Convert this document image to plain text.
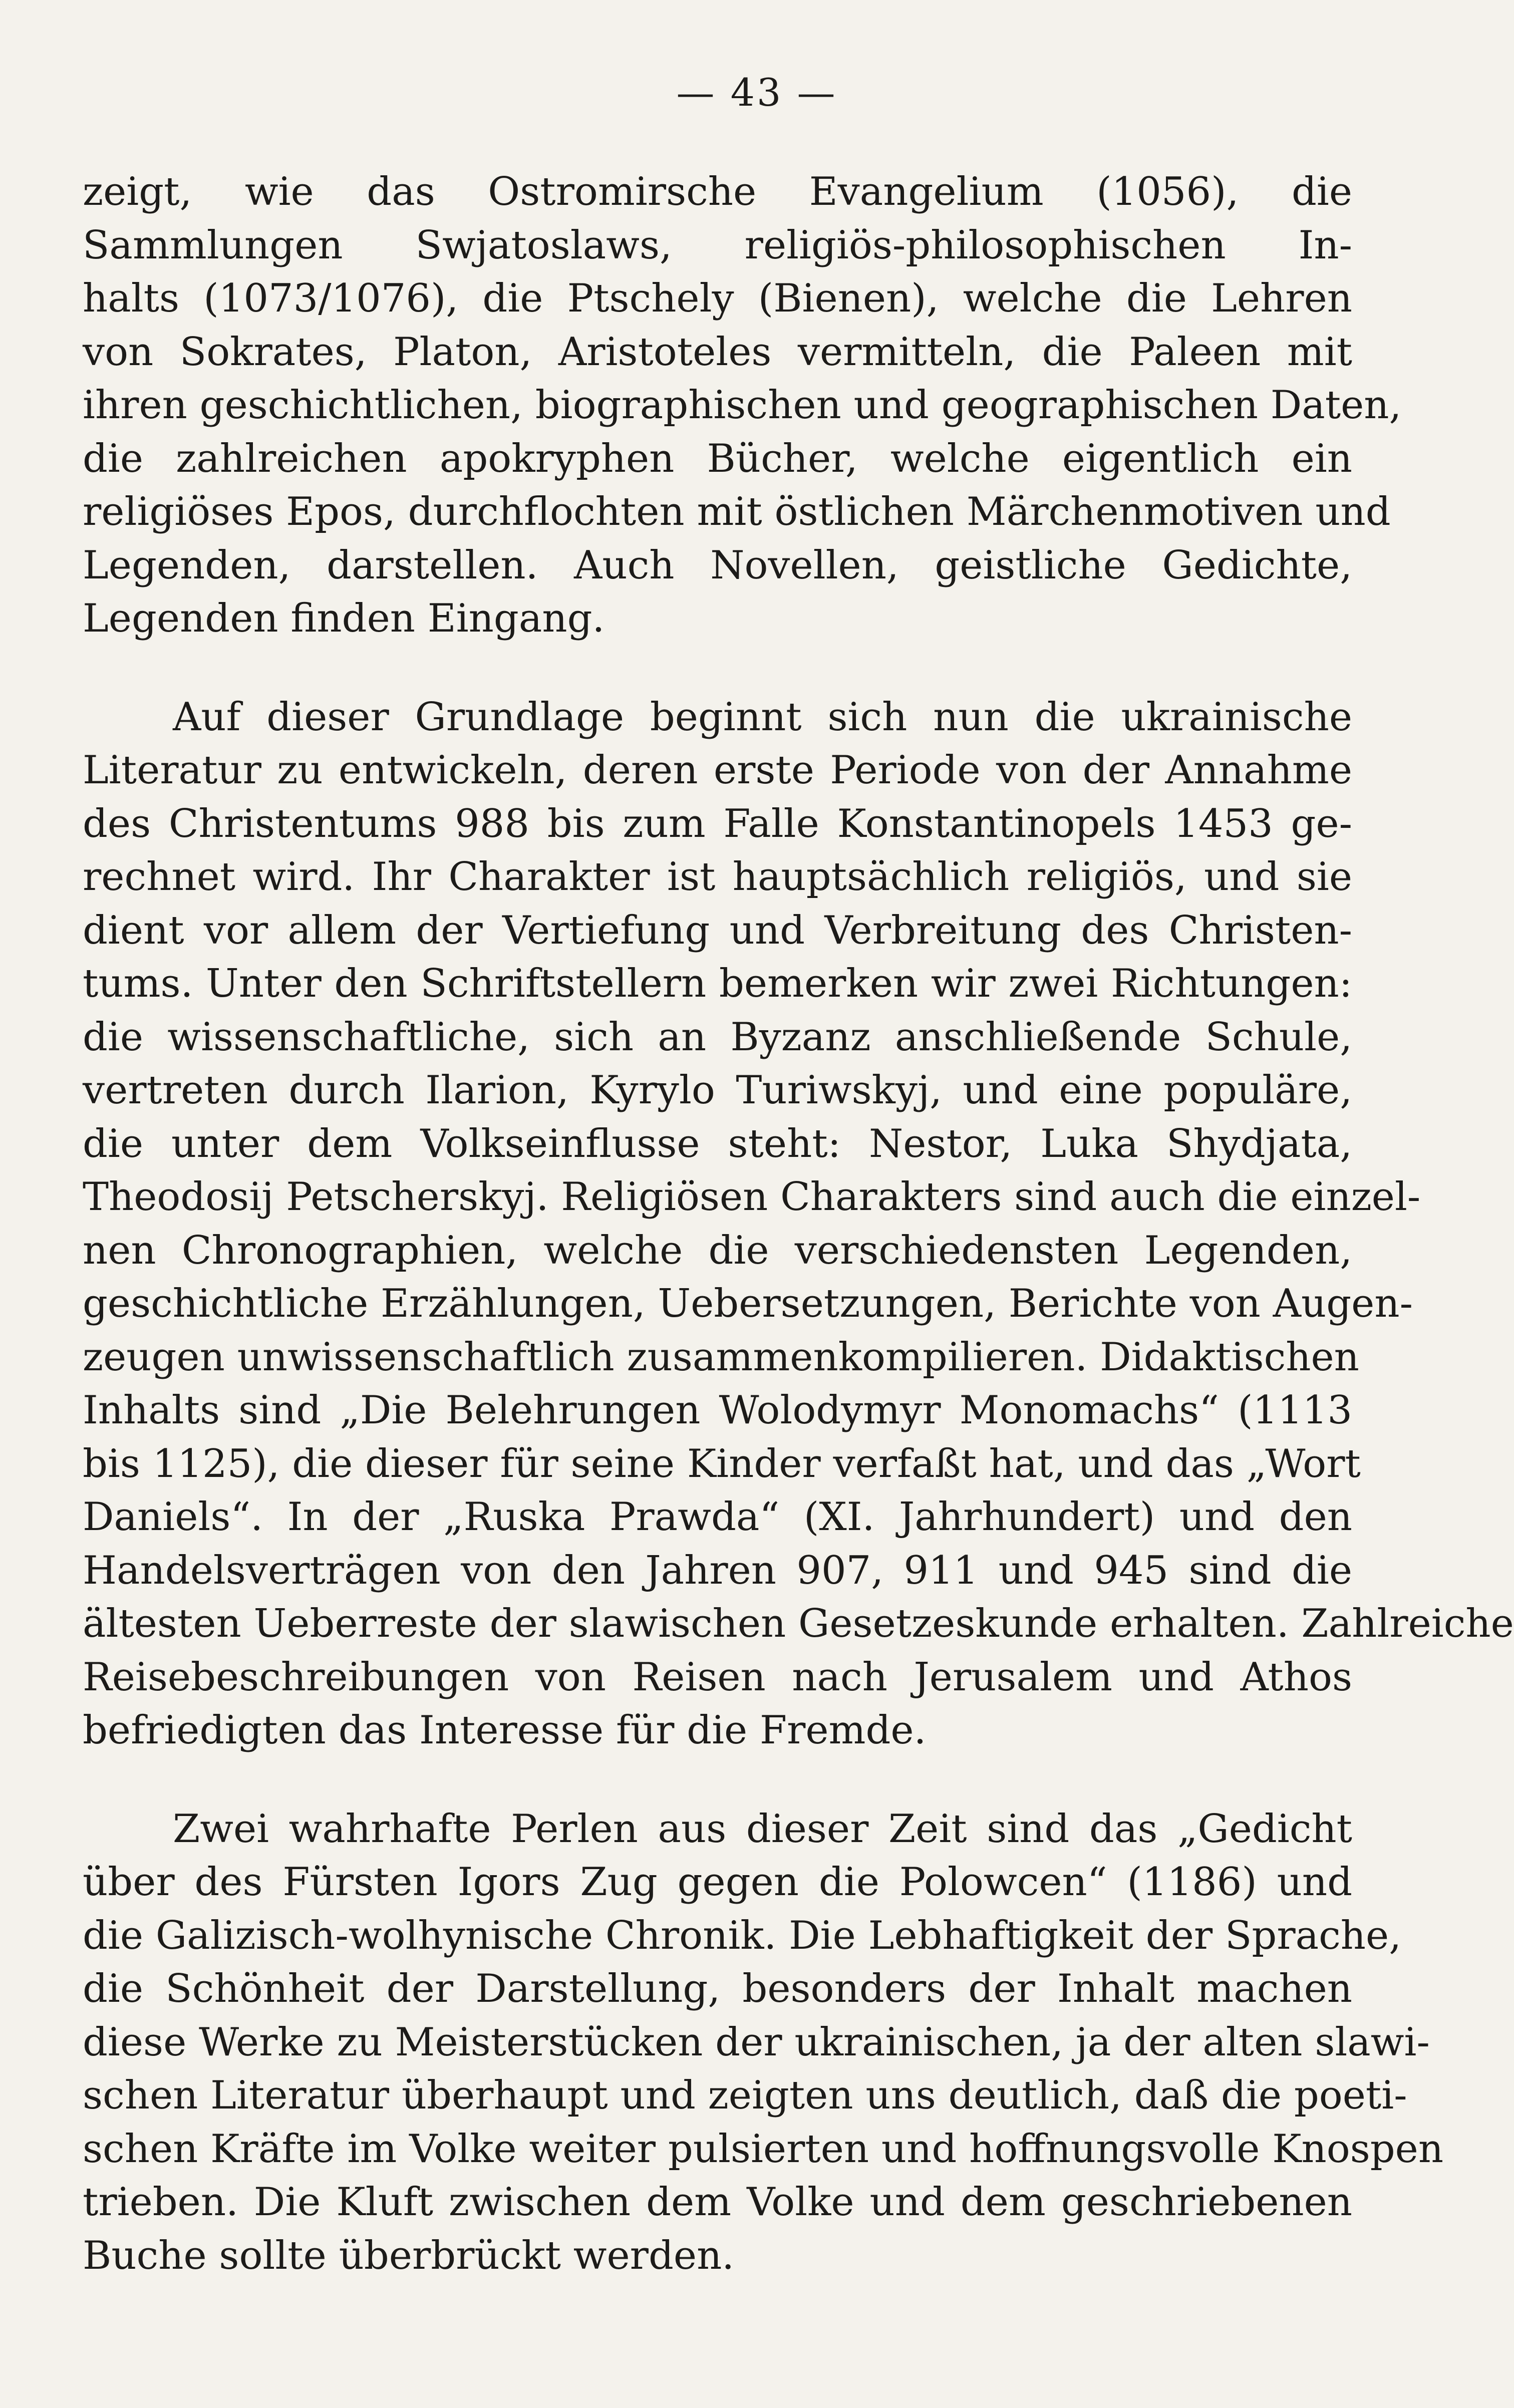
— 43 —
zeigt, wie das Ostromirsche Evangelium (1056), die
Sammlungen Swjatoslaws, religiös-philosophischen In-
halts (1073/1076), die Ptschely (Bienen), welche die Lehren
von Sokrates, Platon, Aristoteles vermitteln, die Paleen mit
ihren geschichtlichen, biographischen und geographischen Daten,
die zahlreichen apokryphen Bücher, welche eigentlich ein
religiöses Epos, durchflochten mit östlichen Märchenmotiven und
Legenden, darstellen. Auch Novellen, geistliche Gedichte,
Legenden finden Eingang.
Auf dieser Grundlage beginnt sich nun die ukrainische
Literatur zu entwickeln, deren erste Periode von der Annahme
des Christentums 988 bis zum Falle Konstantinopels 1453 ge-
rechnet wird. Ihr Charakter ist hauptsächlich religiös, und sie
dient vor allem der Vertiefung und Verbreitung des Christen-
tums. Unter den Schriftstellern bemerken wir zwei Richtungen:
die wissenschaftliche, sich an Byzanz anschließende Schule,
vertreten durch Ilarion, Kyrylo Turiwskyj, und eine populäre,
die unter dem Volkseinflusse steht: Nestor, Luka Shydjata,
Theodosij Petscherskyj. Religiösen Charakters sind auch die einzel-
nen Chronographien, welche die verschiedensten Legenden,
geschichtliche Erzählungen, Uebersetzungen, Berichte von Augen-
zeugen unwissenschaftlich zusammenkompilieren. Didaktischen
Inhalts sind „Die Belehrungen Wolodymyr Monomachs“ (1113
bis 1125), die dieser für seine Kinder verfaßt hat, und das „Wort
Daniels“. In der „Ruska Prawda“ (XI. Jahrhundert) und den
Handelsverträgen von den Jahren 907, 911 und 945 sind die
ältesten Ueberreste der slawischen Gesetzeskunde erhalten. Zahlreiche
Reisebeschreibungen von Reisen nach Jerusalem und Athos
befriedigten das Interesse für die Fremde.
Zwei wahrhafte Perlen aus dieser Zeit sind das „Gedicht
über des Fürsten Igors Zug gegen die Polowcen“ (1186) und
die Galizisch-wolhynische Chronik. Die Lebhaftigkeit der Sprache,
die Schönheit der Darstellung, besonders der Inhalt machen
diese Werke zu Meisterstücken der ukrainischen, ja der alten slawi-
schen Literatur überhaupt und zeigten uns deutlich, daß die poeti-
schen Kräfte im Volke weiter pulsierten und hoffnungsvolle Knospen
trieben. Die Kluft zwischen dem Volke und dem geschriebenen
Buche sollte überbrückt werden.
